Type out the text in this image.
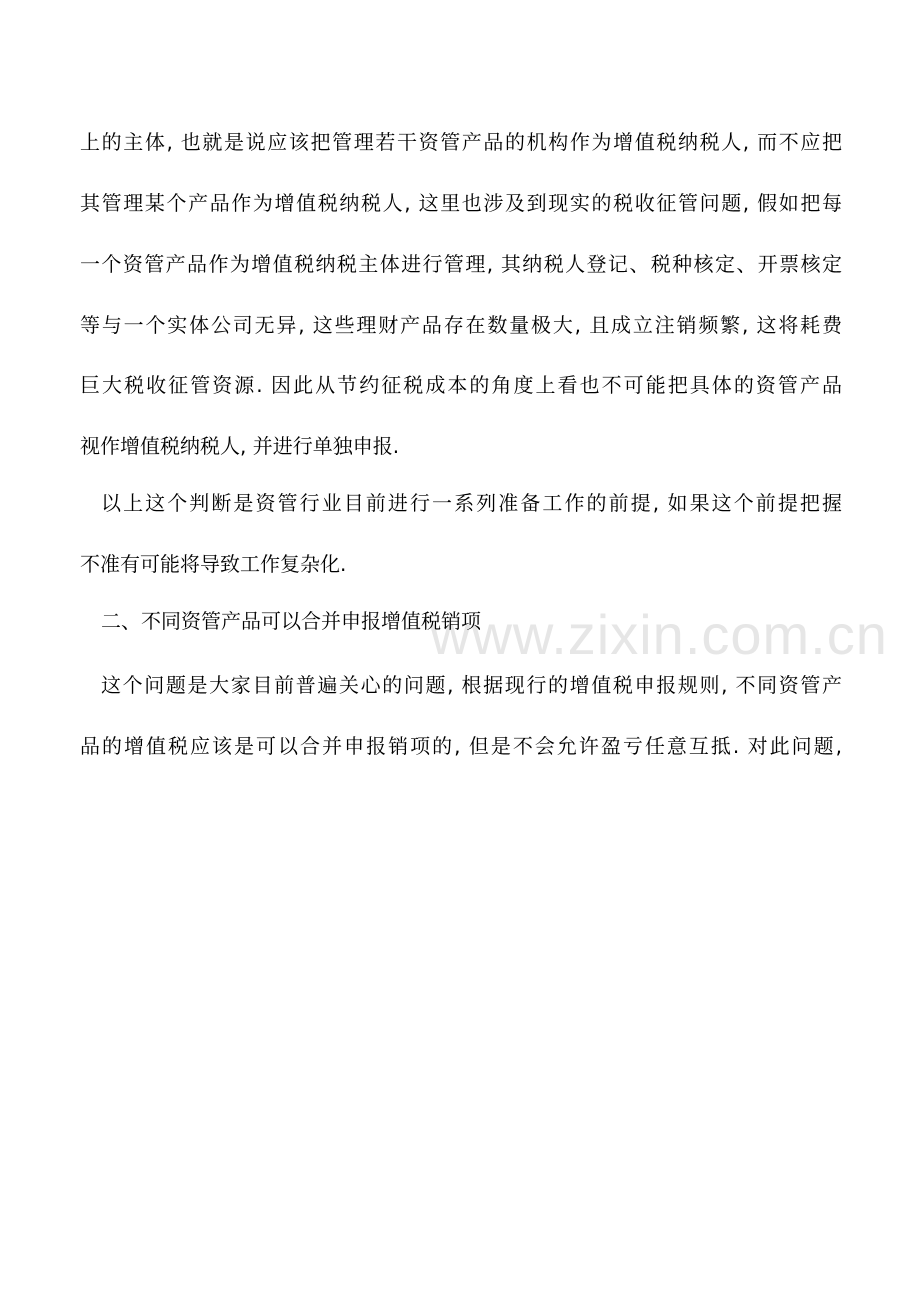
www.zixin.com.cn
上的主体, 也就是说应该把管理若干资管产品的机构作为增值税纳税人, 而不应把
其管理某个产品作为增值税纳税人, 这里也涉及到现实的税收征管问题, 假如把每
一个资管产品作为增值税纳税主体进行管理, 其纳税人登记、税种核定、开票核定
等与一个实体公司无异, 这些理财产品存在数量极大, 且成立注销频繁, 这将耗费
巨大税收征管资源. 因此从节约征税成本的角度上看也不可能把具体的资管产品
视作增值税纳税人, 并进行单独申报.
以上这个判断是资管行业目前进行一系列准备工作的前提, 如果这个前提把握
不准有可能将导致工作复杂化.
二、不同资管产品可以合并申报增值税销项
这个问题是大家目前普遍关心的问题, 根据现行的增值税申报规则, 不同资管产
品的增值税应该是可以合并申报销项的, 但是不会允许盈亏任意互抵. 对此问题,
